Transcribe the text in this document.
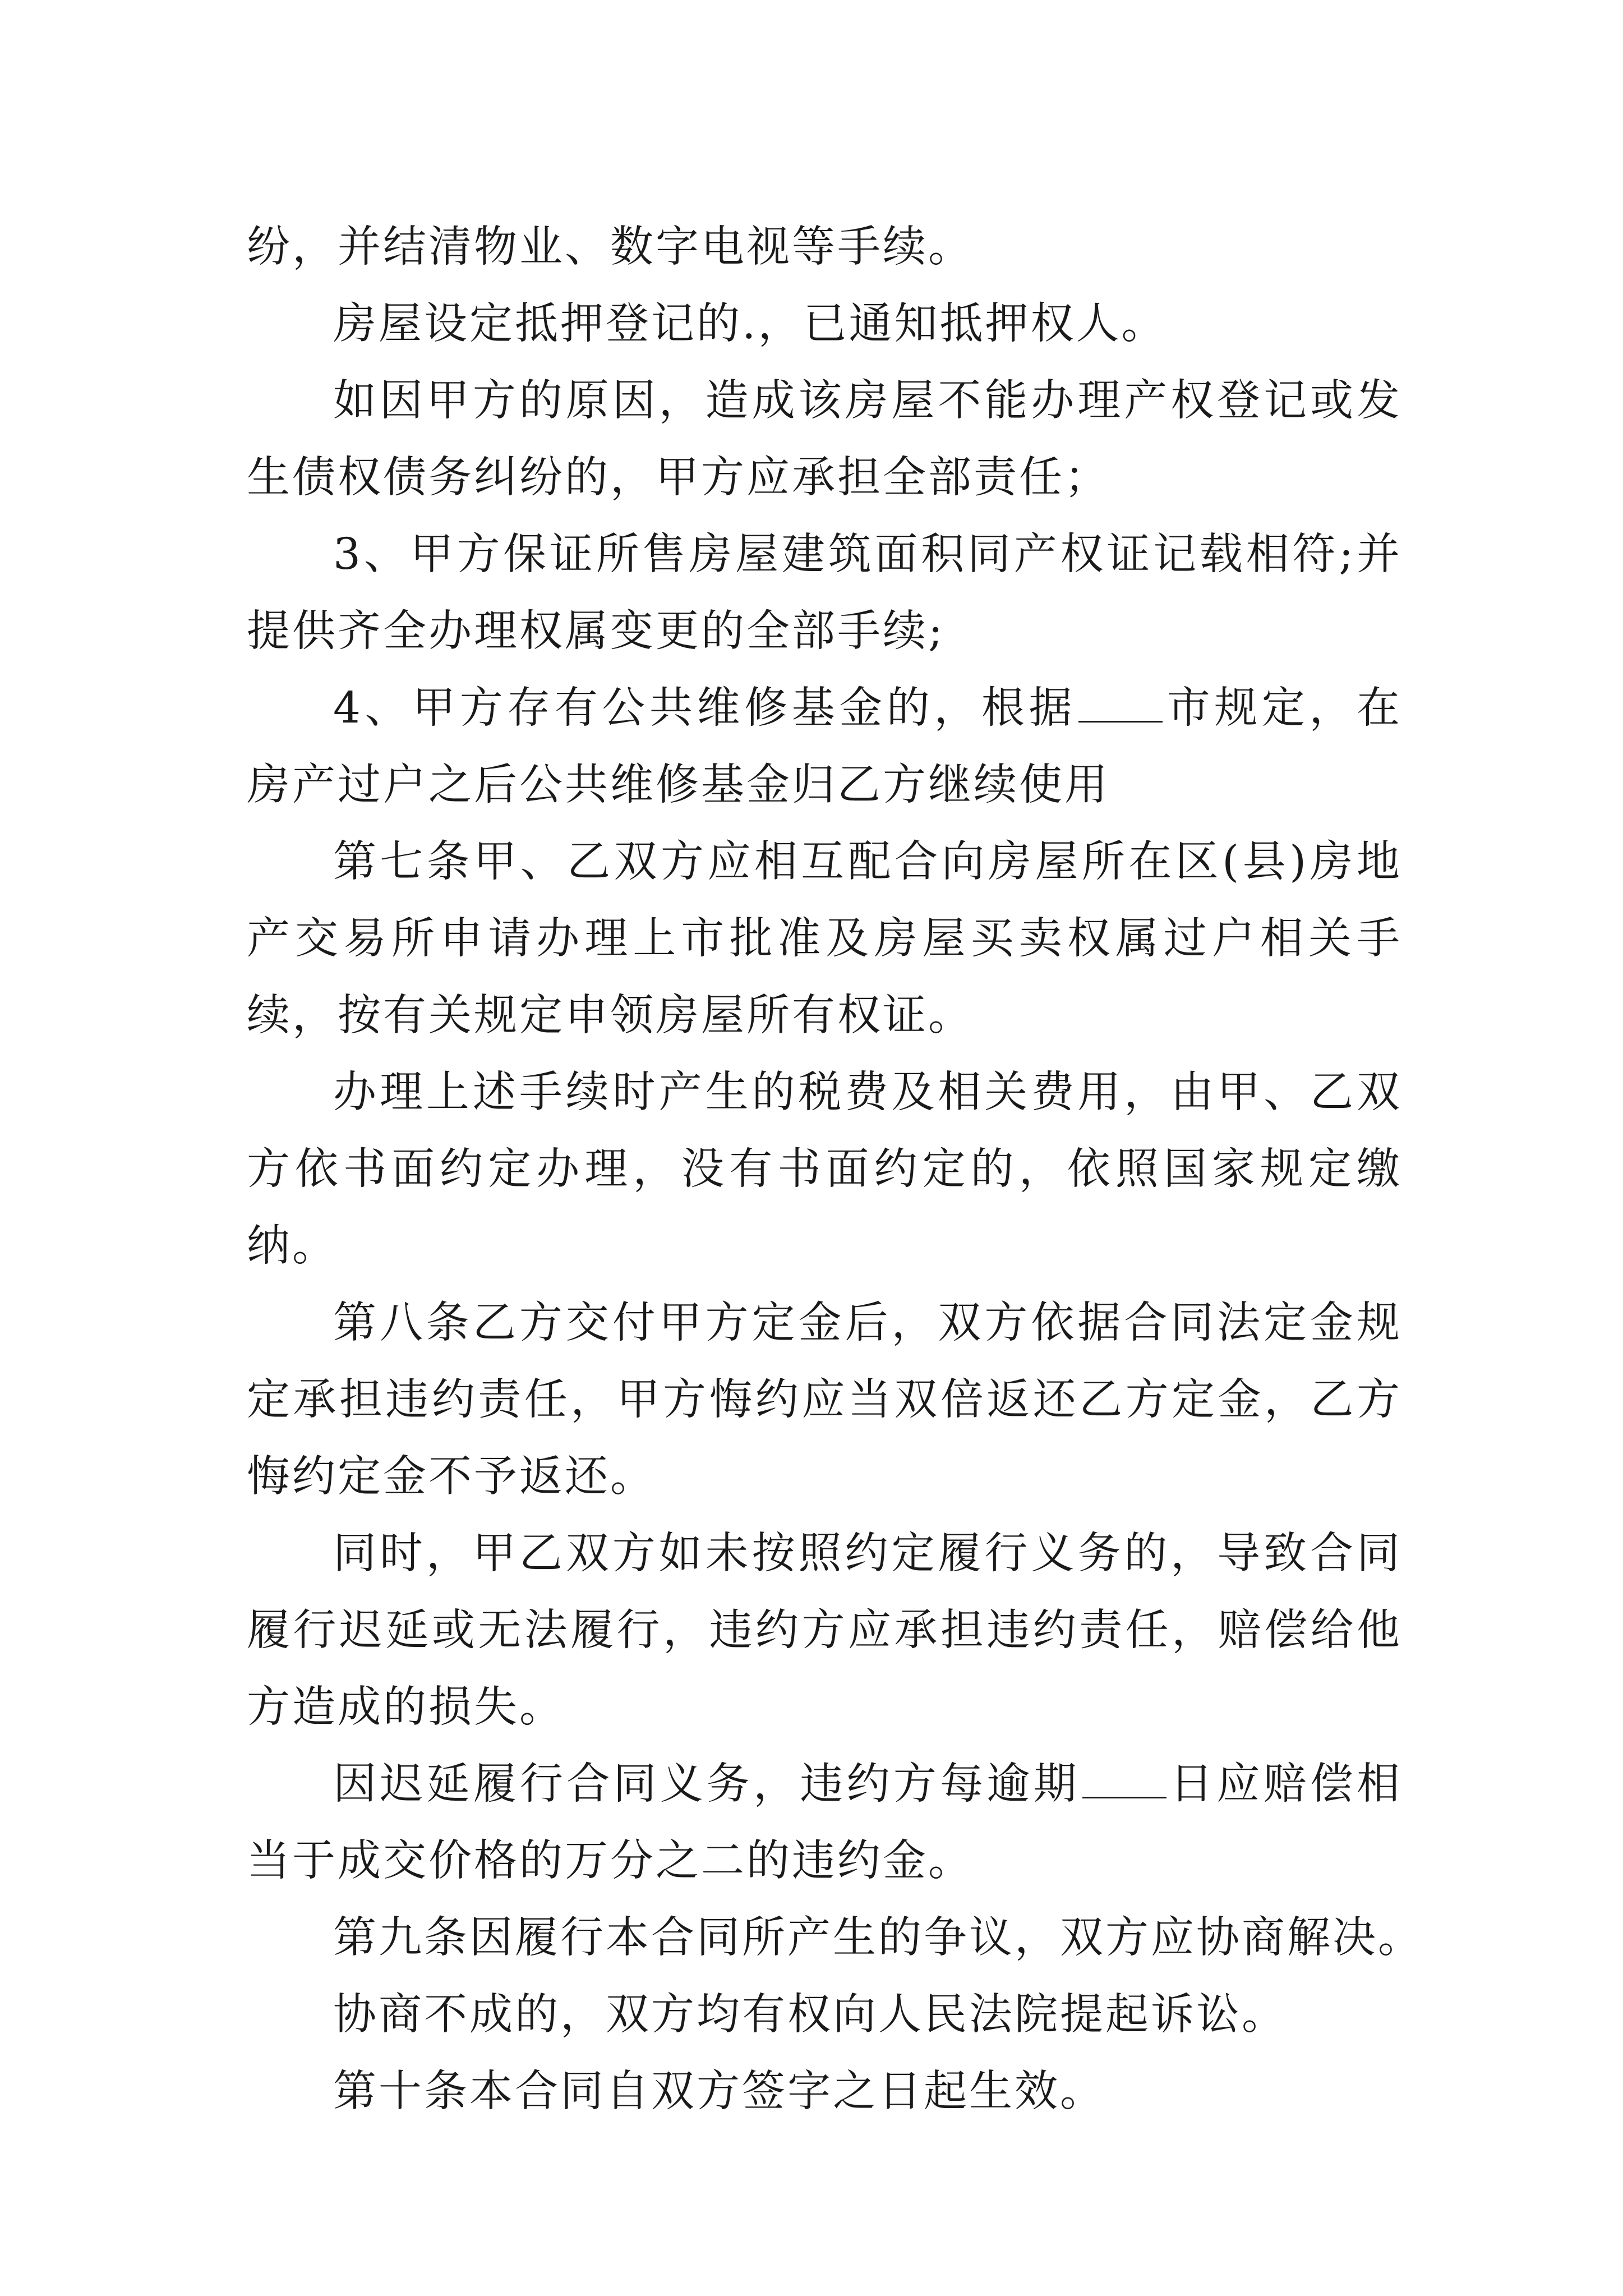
纷，并结清物业、数字电视等手续。

房屋设定抵押登记的.，已通知抵押权人。

如因甲方的原因，造成该房屋不能办理产权登记或发生债权债务纠纷的，甲方应承担全部责任；

3、甲方保证所售房屋建筑面积同产权证记载相符;并提供齐全办理权属变更的全部手续;

4、甲方存有公共维修基金的，根据 市规定，在房产过户之后公共维修基金归乙方继续使用

第七条甲、乙双方应相互配合向房屋所在区(县)房地产交易所申请办理上市批准及房屋买卖权属过户相关手续，按有关规定申领房屋所有权证。

办理上述手续时产生的税费及相关费用，由甲、乙双方依书面约定办理，没有书面约定的，依照国家规定缴纳。

第八条乙方交付甲方定金后，双方依据合同法定金规定承担违约责任，甲方悔约应当双倍返还乙方定金，乙方悔约定金不予返还。

同时，甲乙双方如未按照约定履行义务的，导致合同履行迟延或无法履行，违约方应承担违约责任，赔偿给他方造成的损失。

因迟延履行合同义务，违约方每逾期 日应赔偿相当于成交价格的万分之二的违约金。

第九条因履行本合同所产生的争议，双方应协商解决。

协商不成的，双方均有权向人民法院提起诉讼。

第十条本合同自双方签字之日起生效。
